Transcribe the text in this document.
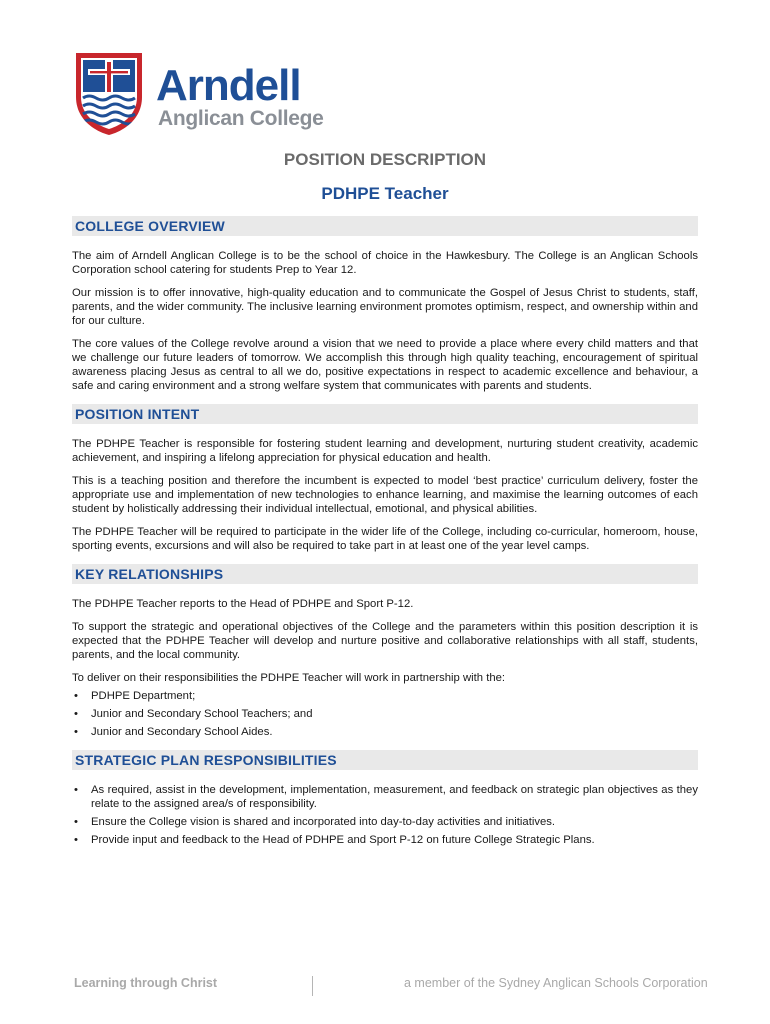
Arndell
Anglican College
POSITION DESCRIPTION
PDHPE Teacher
COLLEGE OVERVIEW

The aim of Arndell Anglican College is to be the school of choice in the Hawkesbury. The College is an Anglican Schools Corporation school catering for students Prep to Year 12.

Our mission is to offer innovative, high-quality education and to communicate the Gospel of Jesus Christ to students, staff, parents, and the wider community. The inclusive learning environment promotes optimism, respect, and ownership within and for our culture.

The core values of the College revolve around a vision that we need to provide a place where every child matters and that we challenge our future leaders of tomorrow. We accomplish this through high quality teaching, encouragement of spiritual awareness placing Jesus as central to all we do, positive expectations in respect to academic excellence and behaviour, a safe and caring environment and a strong welfare system that communicates with parents and students.

POSITION INTENT

The PDHPE Teacher is responsible for fostering student learning and development, nurturing student creativity, academic achievement, and inspiring a lifelong appreciation for physical education and health.

This is a teaching position and therefore the incumbent is expected to model ‘best practice’ curriculum delivery, foster the appropriate use and implementation of new technologies to enhance learning, and maximise the learning outcomes of each student by holistically addressing their individual intellectual, emotional, and physical abilities.

The PDHPE Teacher will be required to participate in the wider life of the College, including co-curricular, homeroom, house, sporting events, excursions and will also be required to take part in at least one of the year level camps.

KEY RELATIONSHIPS

The PDHPE Teacher reports to the Head of PDHPE and Sport P-12.

To support the strategic and operational objectives of the College and the parameters within this position description it is expected that the PDHPE Teacher will develop and nurture positive and collaborative relationships with all staff, students, parents, and the local community.

To deliver on their responsibilities the PDHPE Teacher will work in partnership with the:

• PDHPE Department;
• Junior and Secondary School Teachers; and
• Junior and Secondary School Aides.
STRATEGIC PLAN RESPONSIBILITIES
• As required, assist in the development, implementation, measurement, and feedback on strategic plan objectives as they relate to the assigned area/s of responsibility.
• Ensure the College vision is shared and incorporated into day-to-day activities and initiatives.
• Provide input and feedback to the Head of PDHPE and Sport P-12 on future College Strategic Plans.
Learning through Christ	a member of the Sydney Anglican Schools Corporation
